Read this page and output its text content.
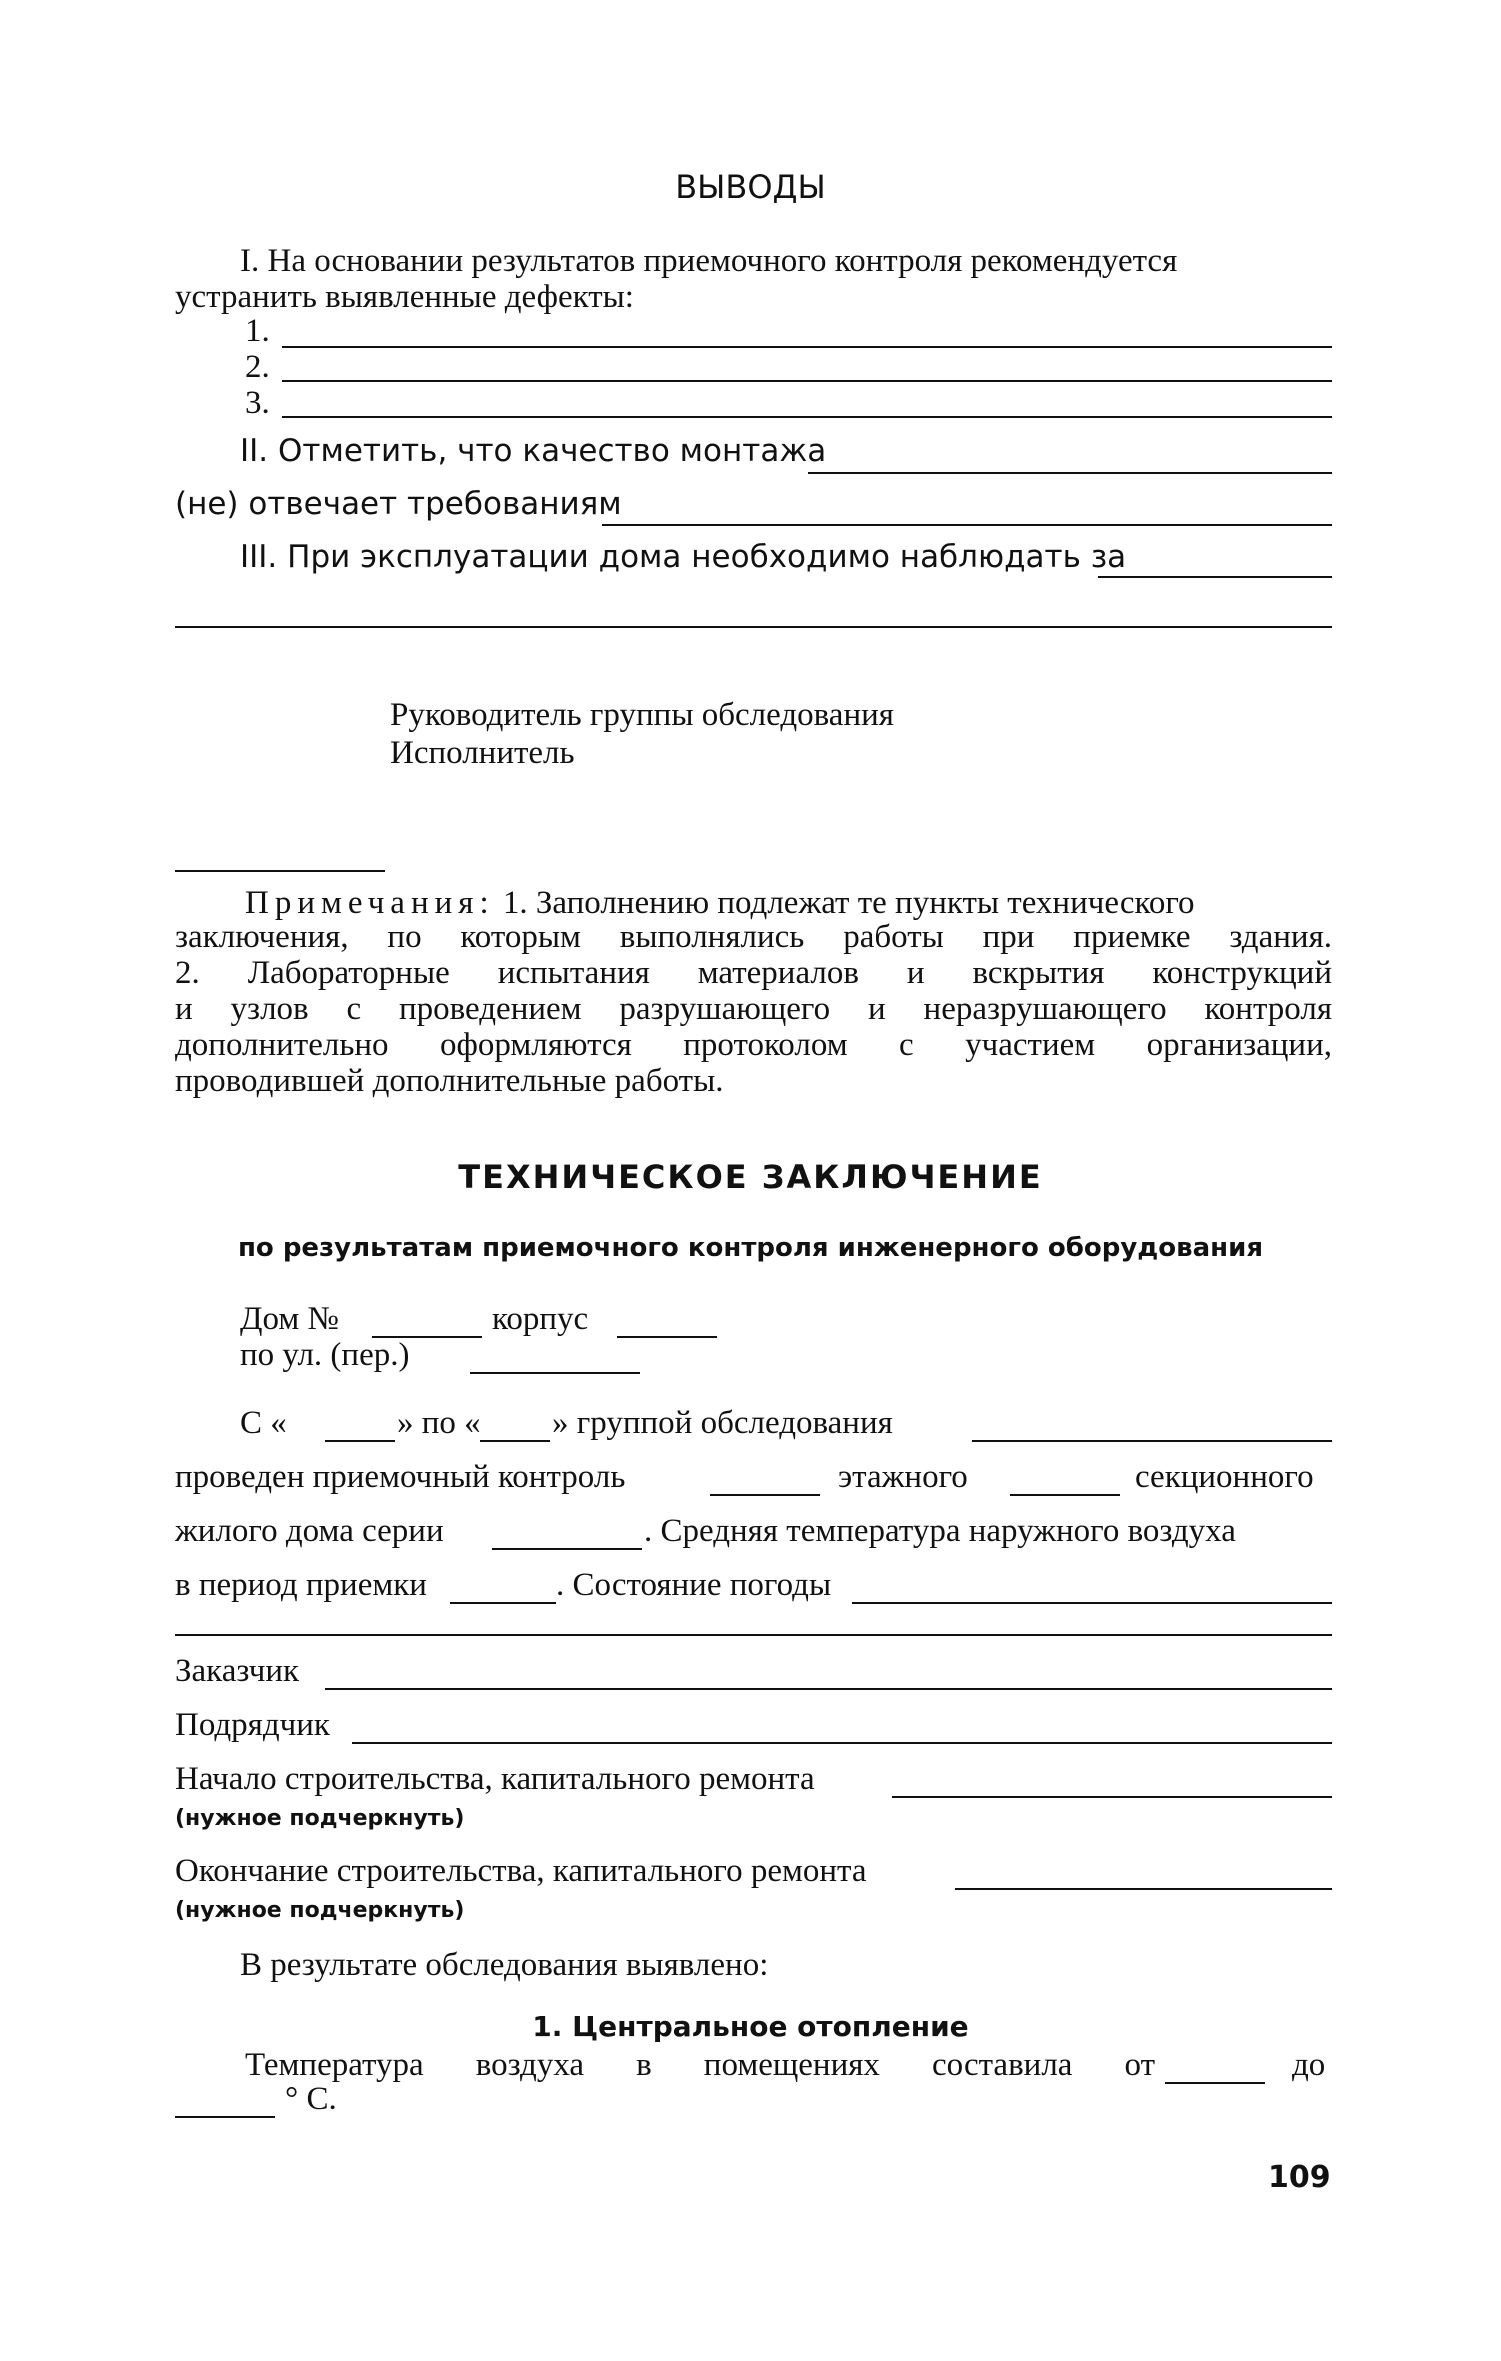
ВЫВОДЫ
I. На основании результатов приемочного контроля рекомендуется
устранить выявленные дефекты:
1.
2.
3.
II. Отметить, что качество монтажа
(не) отвечает требованиям
III. При эксплуатации дома необходимо наблюдать за
Руководитель группы обследования
Исполнитель
Примечания: 1. Заполнению подлежат те пункты технического
заключения, по которым выполнялись работы при приемке здания.
2. Лабораторные испытания материалов и вскрытия конструкций
и узлов с проведением разрушающего и неразрушающего контроля
дополнительно оформляются протоколом с участием организации,
проводившей дополнительные работы.
ТЕХНИЧЕСКОЕ ЗАКЛЮЧЕНИЕ
по результатам приемочного контроля инженерного оборудования
Дом №	корпус
по ул. (пер.)
С «	» по « » группой обследования
проведен приемочный контроль	этажного	секционного
жилого дома серии	. Средняя температура наружного воздуха
в период приемки	. Состояние погоды
Заказчик
Подрядчик
Начало строительства, капитального ремонта
(нужное подчеркнуть)
Окончание строительства, капитального ремонта
(нужное подчеркнуть)
В результате обследования выявлено:
1. Центральное отопление
Температура воздуха в помещениях составила от	до
° С.
109
